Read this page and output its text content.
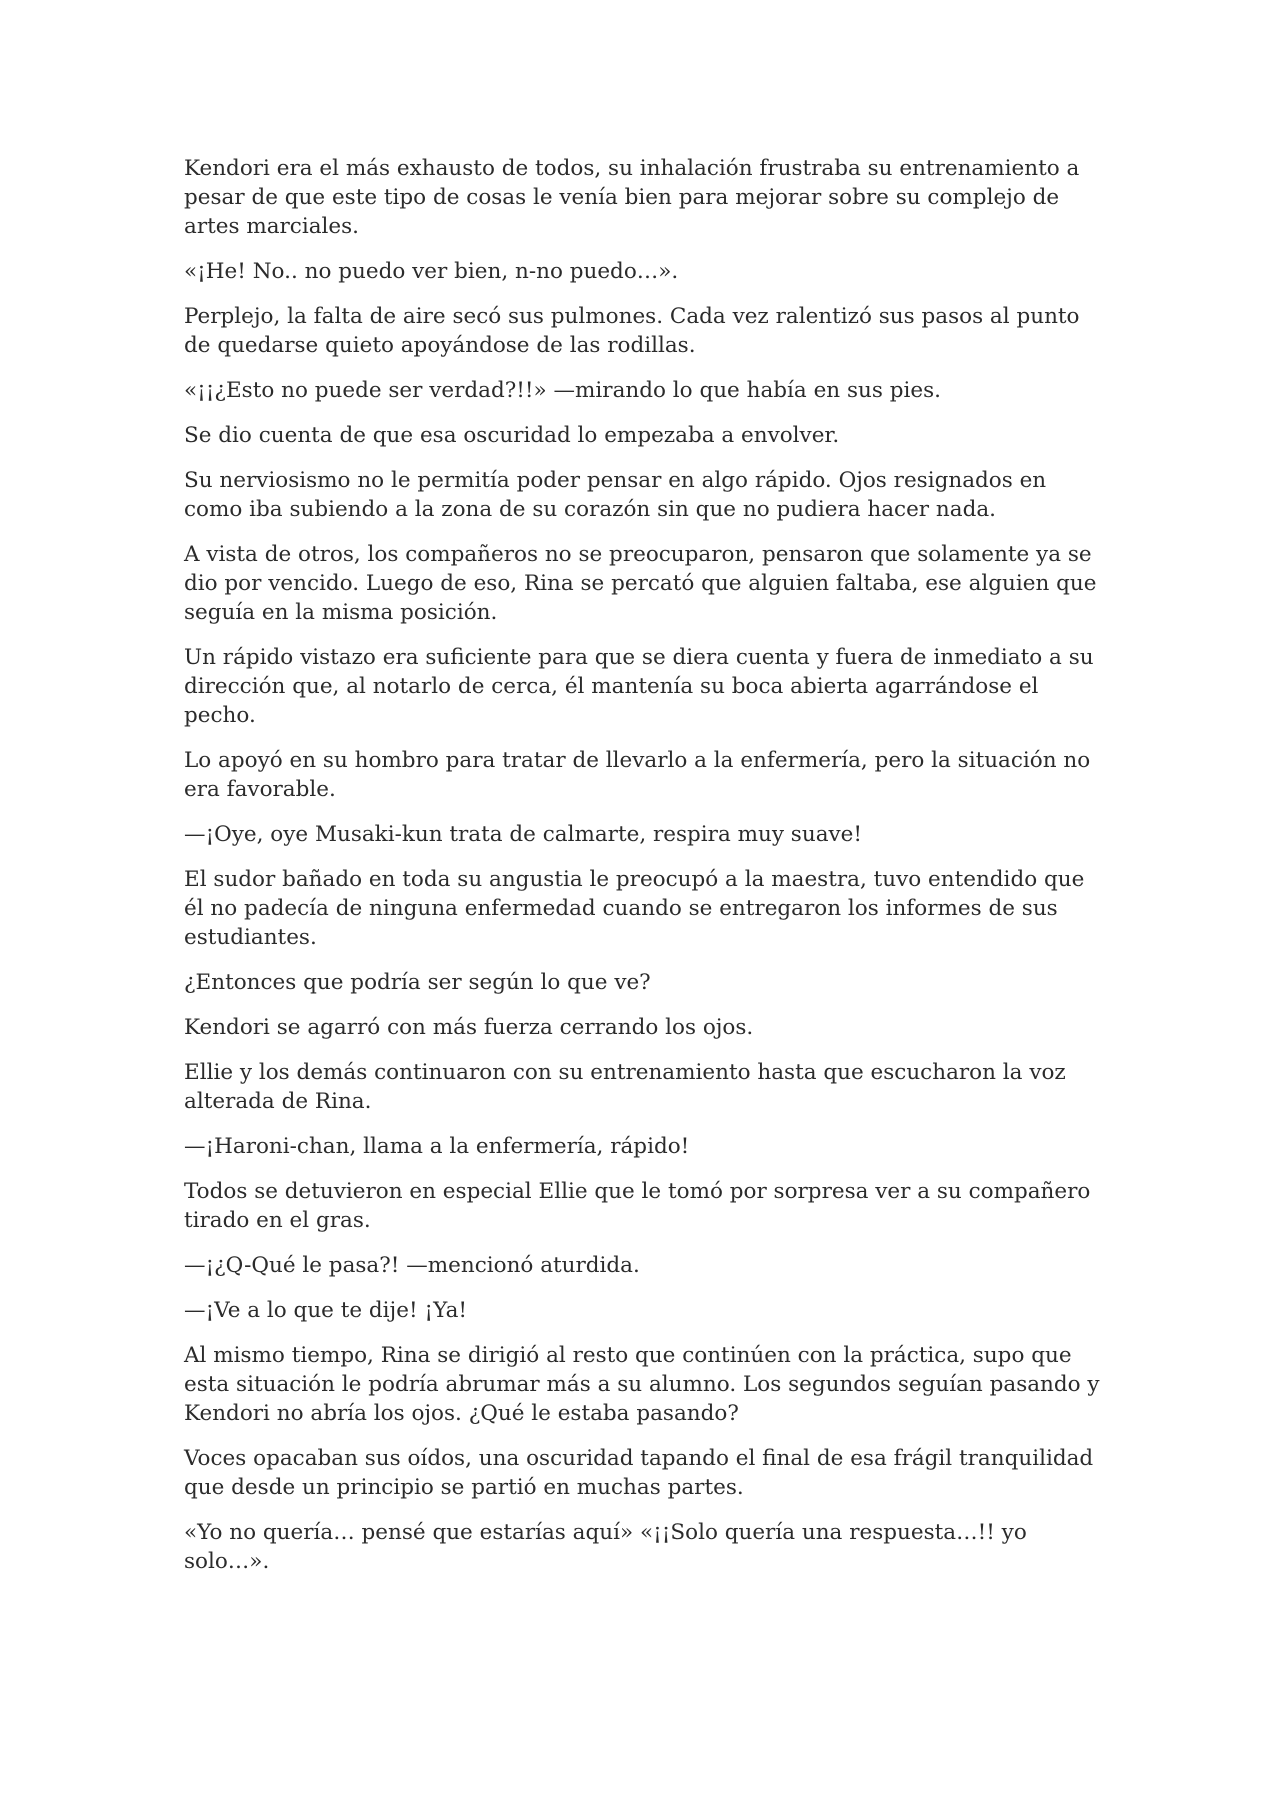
Kendori era el más exhausto de todos, su inhalación frustraba su entrenamiento a pesar de que este tipo de cosas le venía bien para mejorar sobre su complejo de artes marciales.

«¡He! No.. no puedo ver bien, n-no puedo…».

Perplejo, la falta de aire secó sus pulmones. Cada vez ralentizó sus pasos al punto de quedarse quieto apoyándose de las rodillas.

«¡¡¿Esto no puede ser verdad?!!» —mirando lo que había en sus pies.

Se dio cuenta de que esa oscuridad lo empezaba a envolver.

Su nerviosismo no le permitía poder pensar en algo rápido. Ojos resignados en como iba subiendo a la zona de su corazón sin que no pudiera hacer nada.

A vista de otros, los compañeros no se preocuparon, pensaron que solamente ya se dio por vencido. Luego de eso, Rina se percató que alguien faltaba, ese alguien que seguía en la misma posición.

Un rápido vistazo era suficiente para que se diera cuenta y fuera de inmediato a su dirección que, al notarlo de cerca, él mantenía su boca abierta agarrándose el pecho.

Lo apoyó en su hombro para tratar de llevarlo a la enfermería, pero la situación no era favorable.

—¡Oye, oye Musaki-kun trata de calmarte, respira muy suave!

El sudor bañado en toda su angustia le preocupó a la maestra, tuvo entendido que él no padecía de ninguna enfermedad cuando se entregaron los informes de sus estudiantes.

¿Entonces que podría ser según lo que ve?

Kendori se agarró con más fuerza cerrando los ojos.

Ellie y los demás continuaron con su entrenamiento hasta que escucharon la voz alterada de Rina.

—¡Haroni-chan, llama a la enfermería, rápido!

Todos se detuvieron en especial Ellie que le tomó por sorpresa ver a su compañero tirado en el gras.

—¡¿Q-Qué le pasa?! —mencionó aturdida.

—¡Ve a lo que te dije! ¡Ya!

Al mismo tiempo, Rina se dirigió al resto que continúen con la práctica, supo que esta situación le podría abrumar más a su alumno. Los segundos seguían pasando y Kendori no abría los ojos. ¿Qué le estaba pasando?

Voces opacaban sus oídos, una oscuridad tapando el final de esa frágil tranquilidad que desde un principio se partió en muchas partes.

«Yo no quería… pensé que estarías aquí» «¡¡Solo quería una respuesta…!! yo solo…».
